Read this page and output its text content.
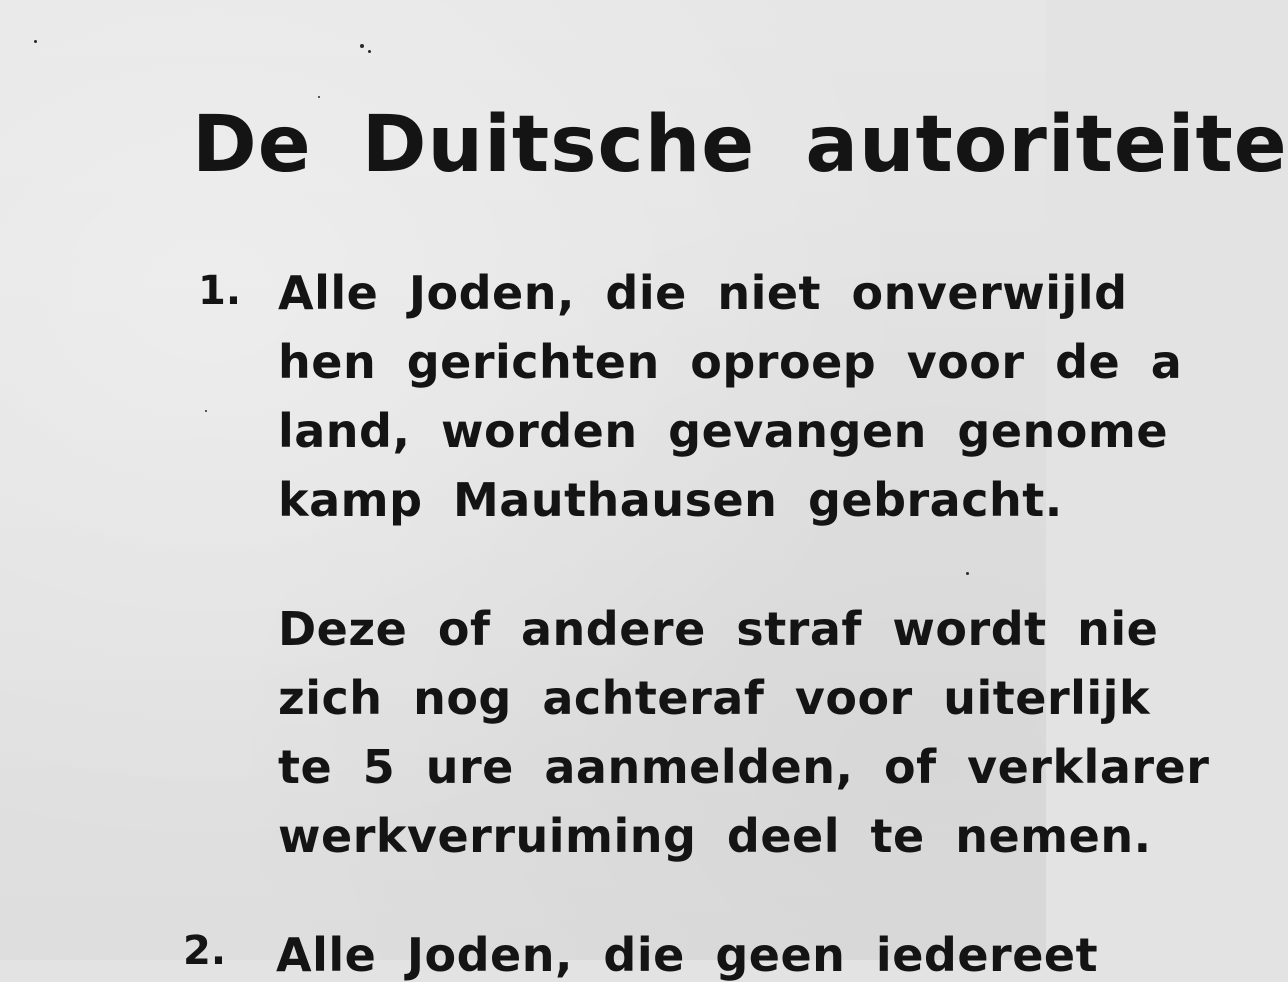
De Duitsche autoriteite
1. Alle Joden, die niet onverwijld
hen gerichten oproep voor de a
land, worden gevangen genome
kamp Mauthausen gebracht.
Deze of andere straf wordt nie
zich nog achteraf voor uiterlijk
te 5 ure aanmelden, of verklarer
werkverruiming deel te nemen.
2. Alle Joden, die geen iedereet
